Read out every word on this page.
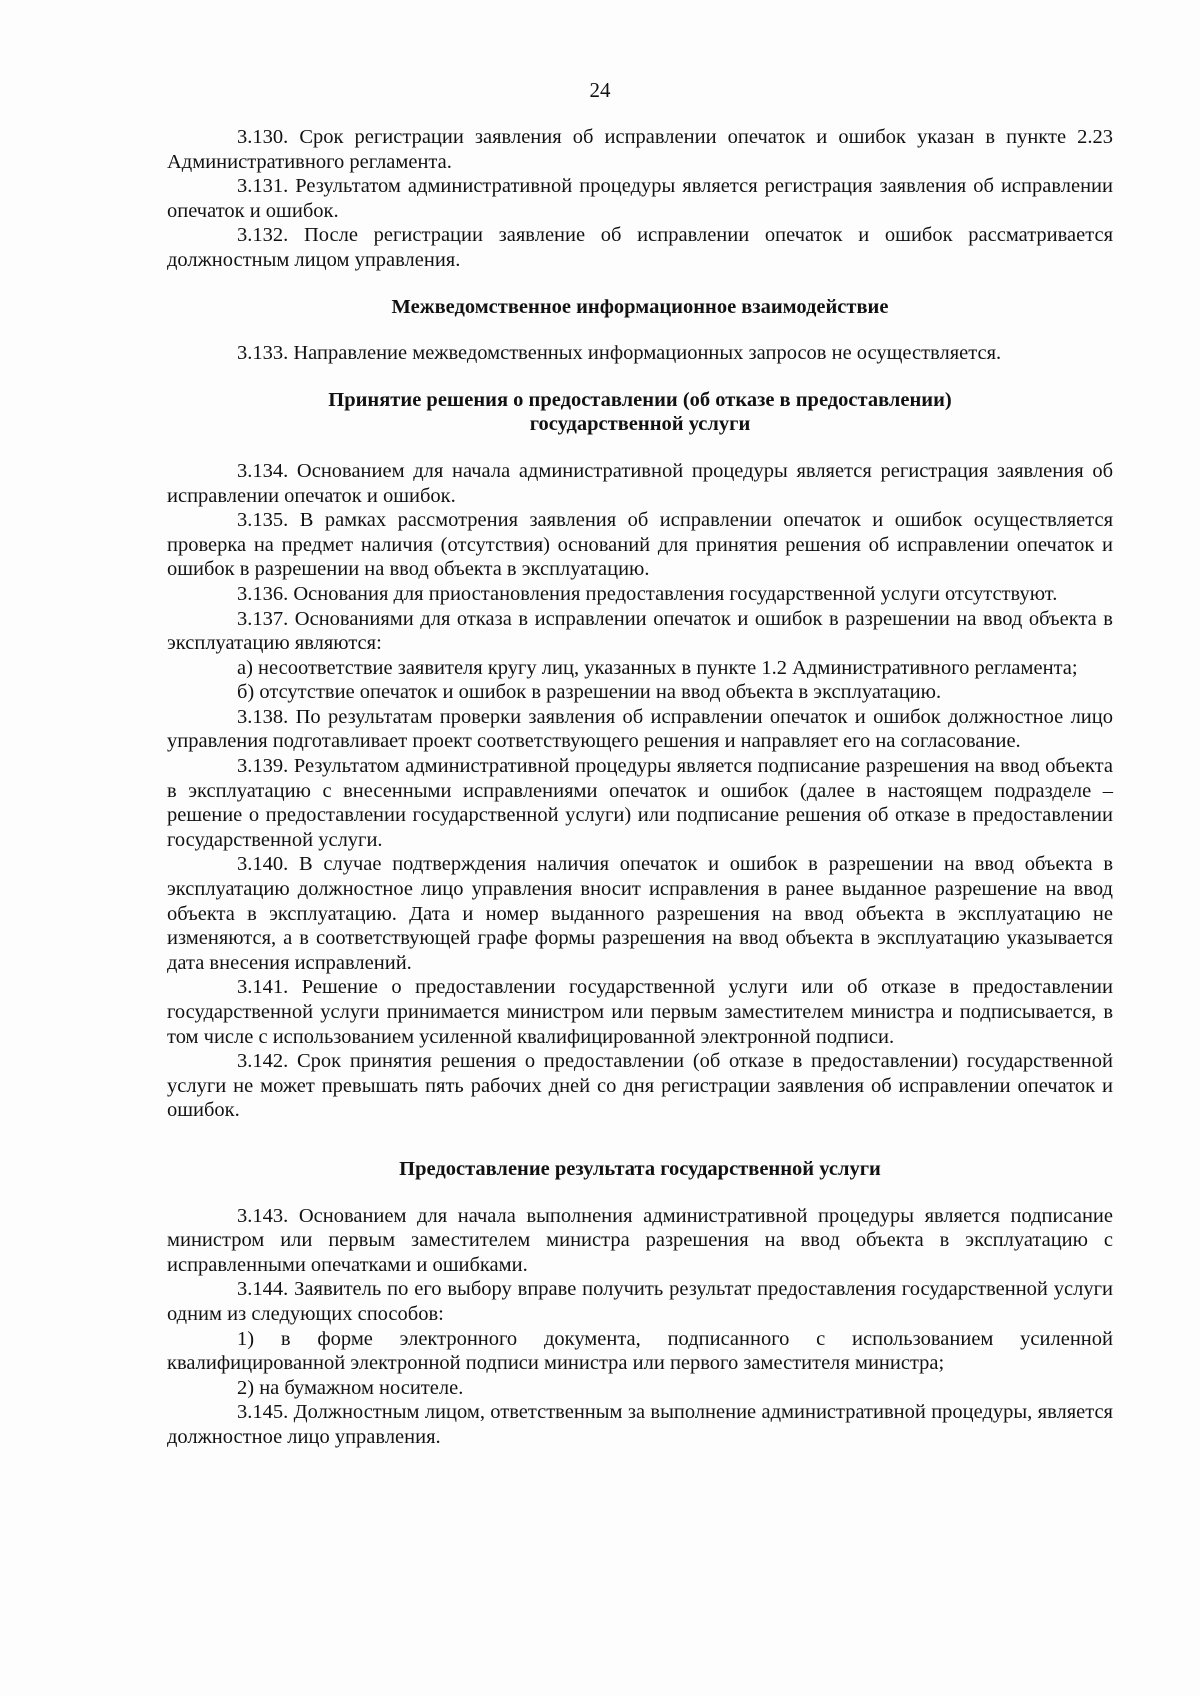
24

3.130. Срок регистрации заявления об исправлении опечаток и ошибок указан в пункте 2.23 Административного регламента.

3.131. Результатом административной процедуры является регистрация заявления об исправлении опечаток и ошибок.

3.132. После регистрации заявление об исправлении опечаток и ошибок рассматривается должностным лицом управления.

Межведомственное информационное взаимодействие

3.133. Направление межведомственных информационных запросов не осуществляется.

Принятие решения о предоставлении (об отказе в предоставлении) государственной услуги

3.134. Основанием для начала административной процедуры является регистрация заявления об исправлении опечаток и ошибок.

3.135. В рамках рассмотрения заявления об исправлении опечаток и ошибок осуществляется проверка на предмет наличия (отсутствия) оснований для принятия решения об исправлении опечаток и ошибок в разрешении на ввод объекта в эксплуатацию.

3.136. Основания для приостановления предоставления государственной услуги отсутствуют.

3.137. Основаниями для отказа в исправлении опечаток и ошибок в разрешении на ввод объекта в эксплуатацию являются:

а) несоответствие заявителя кругу лиц, указанных в пункте 1.2 Административного регламента;

б) отсутствие опечаток и ошибок в разрешении на ввод объекта в эксплуатацию.

3.138. По результатам проверки заявления об исправлении опечаток и ошибок должностное лицо управления подготавливает проект соответствующего решения и направляет его на согласование.

3.139. Результатом административной процедуры является подписание разрешения на ввод объекта в эксплуатацию с внесенными исправлениями опечаток и ошибок (далее в настоящем подразделе – решение о предоставлении государственной услуги) или подписание решения об отказе в предоставлении государственной услуги.

3.140. В случае подтверждения наличия опечаток и ошибок в разрешении на ввод объекта в эксплуатацию должностное лицо управления вносит исправления в ранее выданное разрешение на ввод объекта в эксплуатацию. Дата и номер выданного разрешения на ввод объекта в эксплуатацию не изменяются, а в соответствующей графе формы разрешения на ввод объекта в эксплуатацию указывается дата внесения исправлений.

3.141. Решение о предоставлении государственной услуги или об отказе в предоставлении государственной услуги принимается министром или первым заместителем министра и подписывается, в том числе с использованием усиленной квалифицированной электронной подписи.

3.142. Срок принятия решения о предоставлении (об отказе в предоставлении) государственной услуги не может превышать пять рабочих дней со дня регистрации заявления об исправлении опечаток и ошибок.

Предоставление результата государственной услуги

3.143. Основанием для начала выполнения административной процедуры является подписание министром или первым заместителем министра разрешения на ввод объекта в эксплуатацию с исправленными опечатками и ошибками.

3.144. Заявитель по его выбору вправе получить результат предоставления государственной услуги одним из следующих способов:

1) в форме электронного документа, подписанного с использованием усиленной квалифицированной электронной подписи министра или первого заместителя министра;

2) на бумажном носителе.

3.145. Должностным лицом, ответственным за выполнение административной процедуры, является должностное лицо управления.
